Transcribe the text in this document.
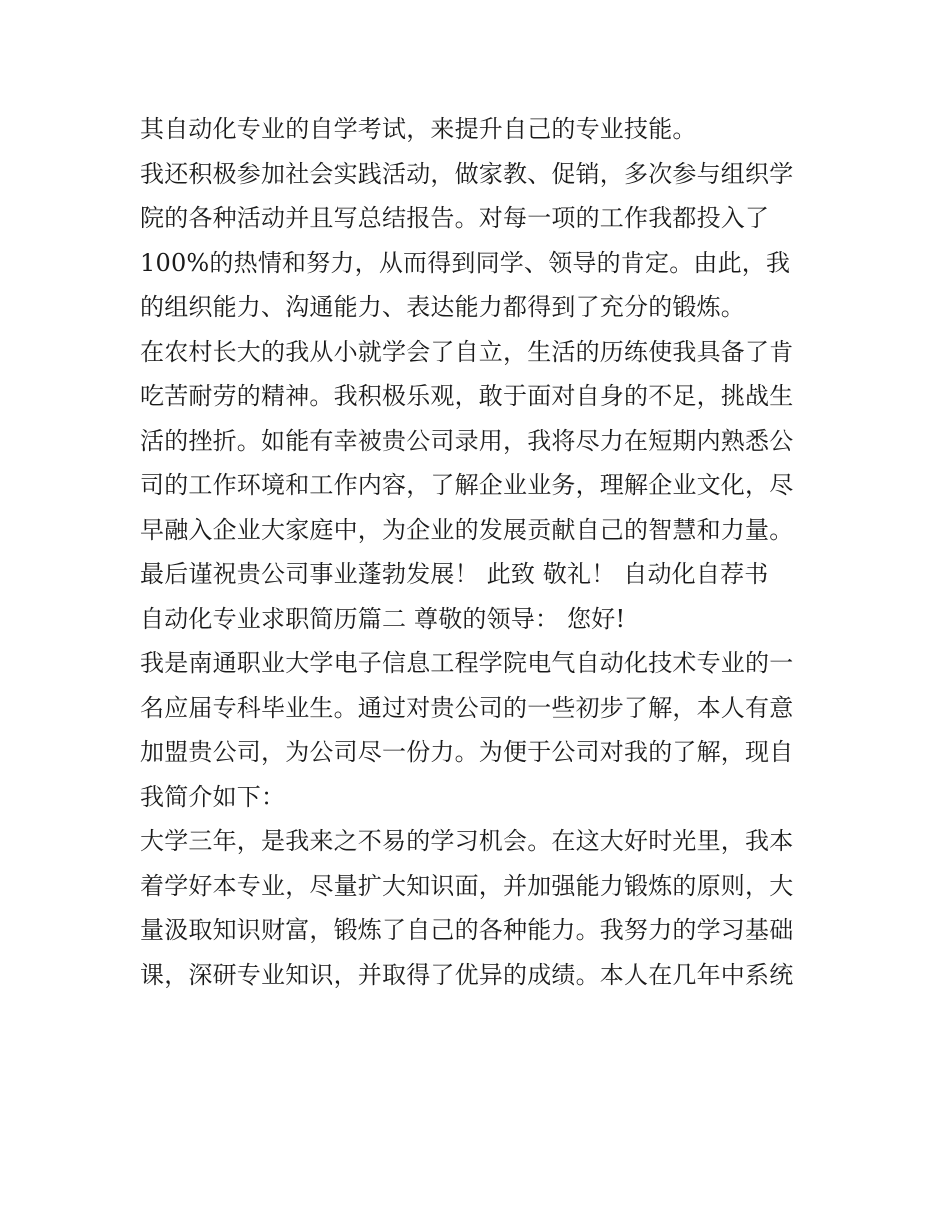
其自动化专业的自学考试，来提升自己的专业技能。
我还积极参加社会实践活动，做家教、促销，多次参与组织学
院的各种活动并且写总结报告。对每一项的工作我都投入了
100%的热情和努力，从而得到同学、领导的肯定。由此，我
的组织能力、沟通能力、表达能力都得到了充分的锻炼。
在农村长大的我从小就学会了自立，生活的历练使我具备了肯
吃苦耐劳的精神。我积极乐观，敢于面对自身的不足，挑战生
活的挫折。如能有幸被贵公司录用，我将尽力在短期内熟悉公
司的工作环境和工作内容，了解企业业务，理解企业文化，尽
早融入企业大家庭中，为企业的发展贡献自己的智慧和力量。
最后谨祝贵公司事业蓬勃发展！ 此致 敬礼！ 自动化自荐书
自动化专业求职简历篇二 尊敬的领导： 您好!
我是南通职业大学电子信息工程学院电气自动化技术专业的一
名应届专科毕业生。通过对贵公司的一些初步了解，本人有意
加盟贵公司，为公司尽一份力。为便于公司对我的了解，现自
我简介如下：
大学三年，是我来之不易的学习机会。在这大好时光里，我本
着学好本专业，尽量扩大知识面，并加强能力锻炼的原则，大
量汲取知识财富，锻炼了自己的各种能力。我努力的学习基础
课，深研专业知识，并取得了优异的成绩。本人在几年中系统
